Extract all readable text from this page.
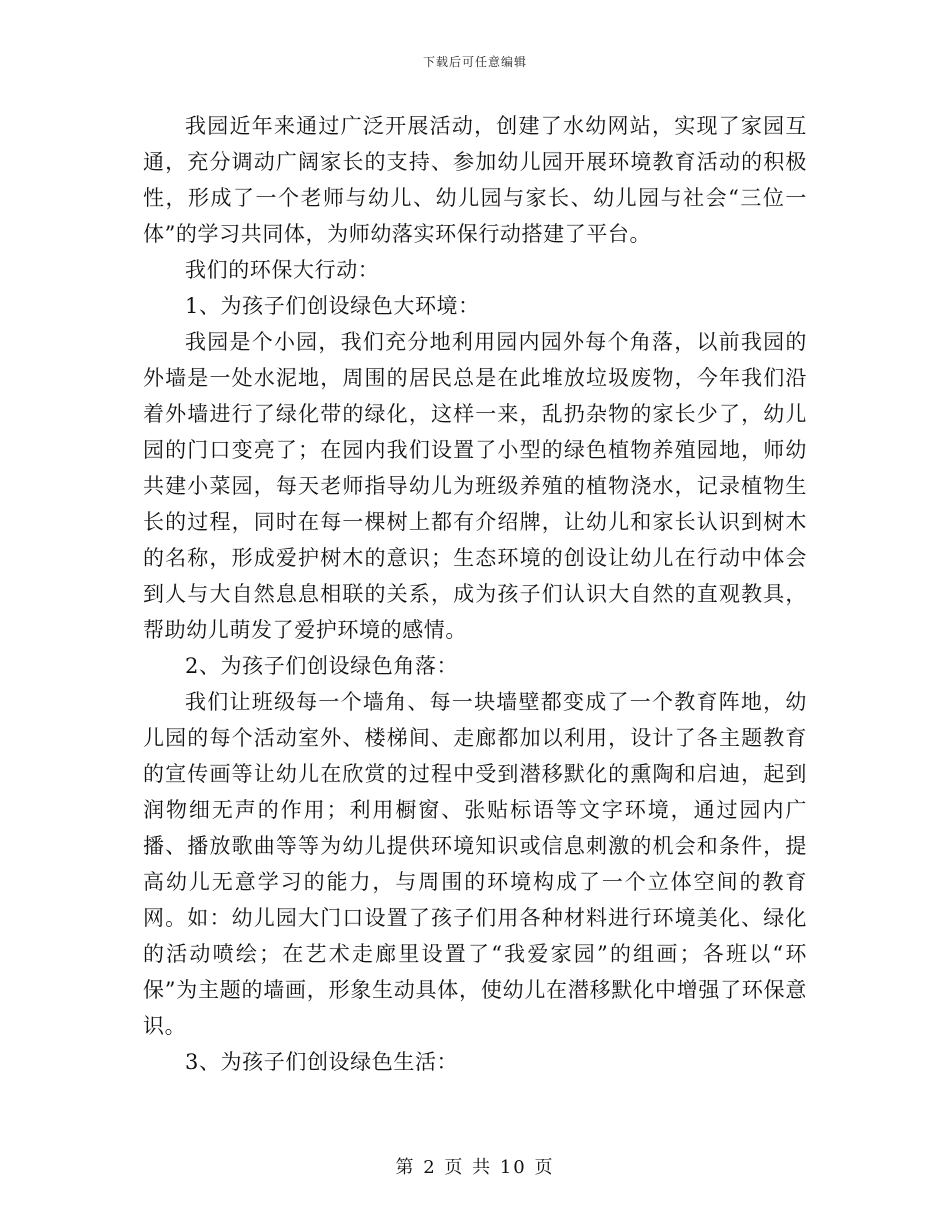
下载后可任意编辑

我园近年来通过广泛开展活动，创建了水幼网站，实现了家园互通，充分调动广阔家长的支持、参加幼儿园开展环境教育活动的积极性，形成了一个老师与幼儿、幼儿园与家长、幼儿园与社会“三位一体”的学习共同体，为师幼落实环保行动搭建了平台。

我们的环保大行动：

1、为孩子们创设绿色大环境：

我园是个小园，我们充分地利用园内园外每个角落，以前我园的外墙是一处水泥地，周围的居民总是在此堆放垃圾废物，今年我们沿着外墙进行了绿化带的绿化，这样一来，乱扔杂物的家长少了，幼儿园的门口变亮了；在园内我们设置了小型的绿色植物养殖园地，师幼共建小菜园，每天老师指导幼儿为班级养殖的植物浇水，记录植物生长的过程，同时在每一棵树上都有介绍牌，让幼儿和家长认识到树木的名称，形成爱护树木的意识；生态环境的创设让幼儿在行动中体会到人与大自然息息相联的关系，成为孩子们认识大自然的直观教具，帮助幼儿萌发了爱护环境的感情。

2、为孩子们创设绿色角落：

我们让班级每一个墙角、每一块墙壁都变成了一个教育阵地，幼儿园的每个活动室外、楼梯间、走廊都加以利用，设计了各主题教育的宣传画等让幼儿在欣赏的过程中受到潜移默化的熏陶和启迪，起到润物细无声的作用；利用橱窗、张贴标语等文字环境，通过园内广播、播放歌曲等等为幼儿提供环境知识或信息刺激的机会和条件，提高幼儿无意学习的能力，与周围的环境构成了一个立体空间的教育网。如：幼儿园大门口设置了孩子们用各种材料进行环境美化、绿化的活动喷绘；在艺术走廊里设置了“我爱家园”的组画；各班以“环保”为主题的墙画，形象生动具体，使幼儿在潜移默化中增强了环保意识。

3、为孩子们创设绿色生活：

第 2 页 共 10 页
